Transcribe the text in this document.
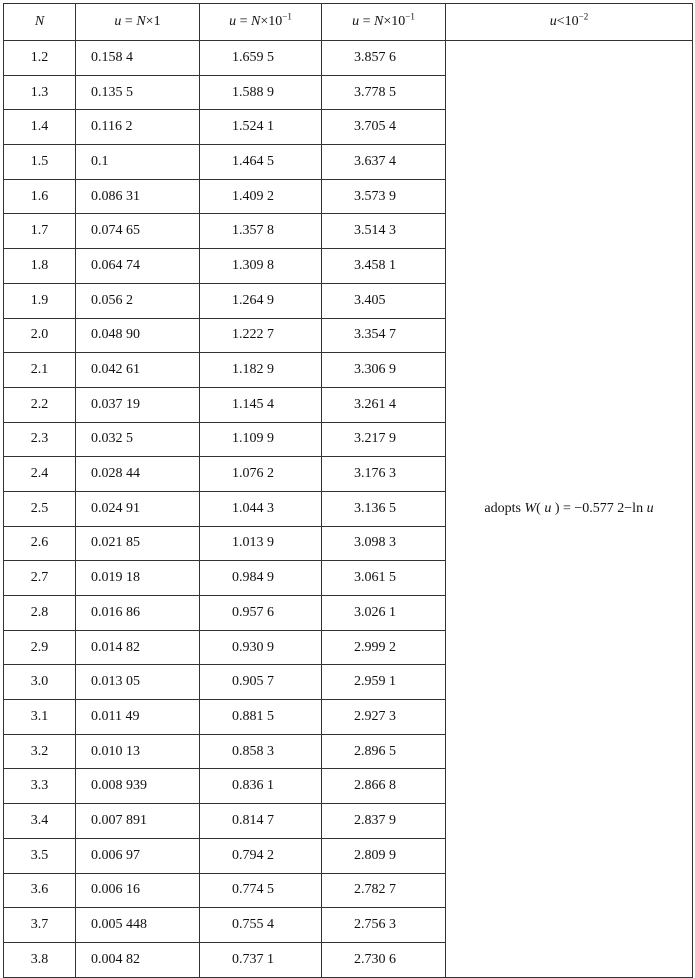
N	u = N×1	$u = N\times 10^{-1}$	$u = N\times 10^{-1}$	$u<10^{-2}$
1.2	0.158 4	1.659 5	3.857 6	adopts W( u ) = −0.577 2−ln u
1.3	0.135 5	1.588 9	3.778 5	
1.4	0.116 2	1.524 1	3.705 4	
1.5	0.1	1.464 5	3.637 4	
1.6	0.086 31	1.409 2	3.573 9	
1.7	0.074 65	1.357 8	3.514 3	
1.8	0.064 74	1.309 8	3.458 1	
1.9	0.056 2	1.264 9	3.405	
2.0	0.048 90	1.222 7	3.354 7	
2.1	0.042 61	1.182 9	3.306 9	
2.2	0.037 19	1.145 4	3.261 4	
2.3	0.032 5	1.109 9	3.217 9	
2.4	0.028 44	1.076 2	3.176 3	
2.5	0.024 91	1.044 3	3.136 5	
2.6	0.021 85	1.013 9	3.098 3	
2.7	0.019 18	0.984 9	3.061 5	
2.8	0.016 86	0.957 6	3.026 1	
2.9	0.014 82	0.930 9	2.999 2	
3.0	0.013 05	0.905 7	2.959 1	
3.1	0.011 49	0.881 5	2.927 3	
3.2	0.010 13	0.858 3	2.896 5	
3.3	0.008 939	0.836 1	2.866 8	
3.4	0.007 891	0.814 7	2.837 9	
3.5	0.006 97	0.794 2	2.809 9	
3.6	0.006 16	0.774 5	2.782 7	
3.7	0.005 448	0.755 4	2.756 3	
3.8	0.004 82	0.737 1	2.730 6	
